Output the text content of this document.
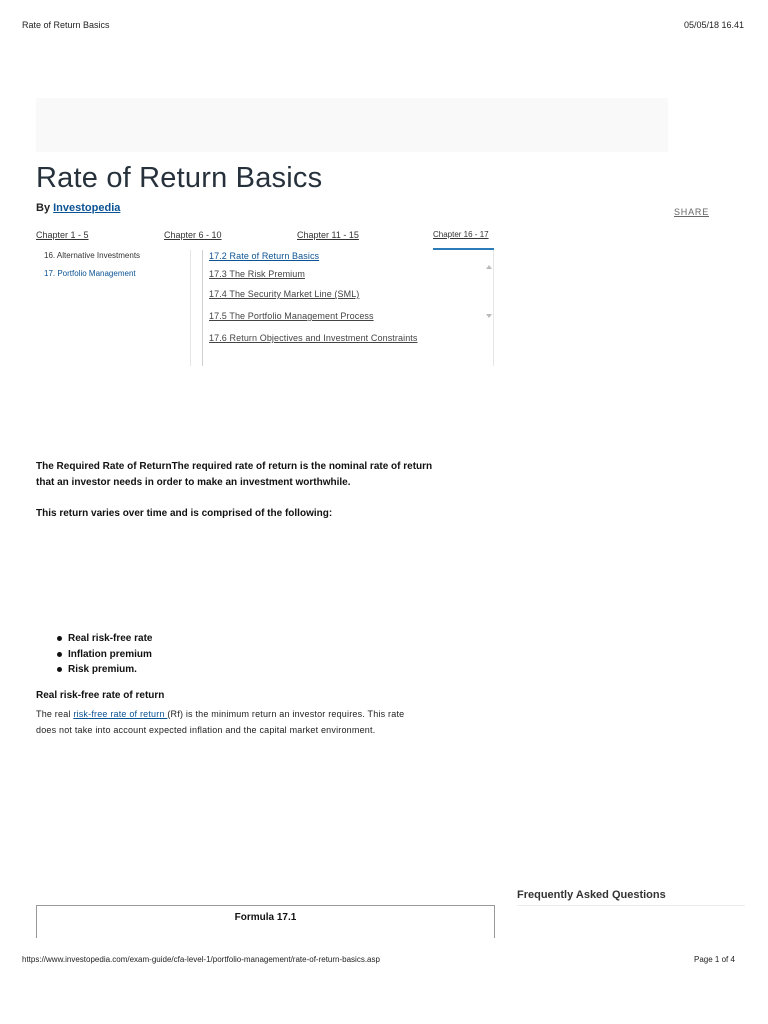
Rate of Return Basics	05/05/18 16.41
Rate of Return Basics
By Investopedia	SHARE
Chapter 1 - 5	Chapter 6 - 10	Chapter 11 - 15	Chapter 16 - 17
16. Alternative Investments
17. Portfolio Management
17.2 Rate of Return Basics
17.3 The Risk Premium
17.4 The Security Market Line (SML)
17.5 The Portfolio Management Process
17.6 Return Objectives and Investment Constraints

The Required Rate of ReturnThe required rate of return is the nominal rate of return
that an investor needs in order to make an investment worthwhile.

This return varies over time and is comprised of the following:

Real risk-free rate
Inflation premium
Risk premium.

Real risk-free rate of return

The real risk-free rate of return (Rf) is the minimum return an investor requires. This rate
does not take into account expected inflation and the capital market environment.

Frequently Asked Questions
Formula 17.1
https://www.investopedia.com/exam-guide/cfa-level-1/portfolio-management/rate-of-return-basics.asp	Page 1 of 4
